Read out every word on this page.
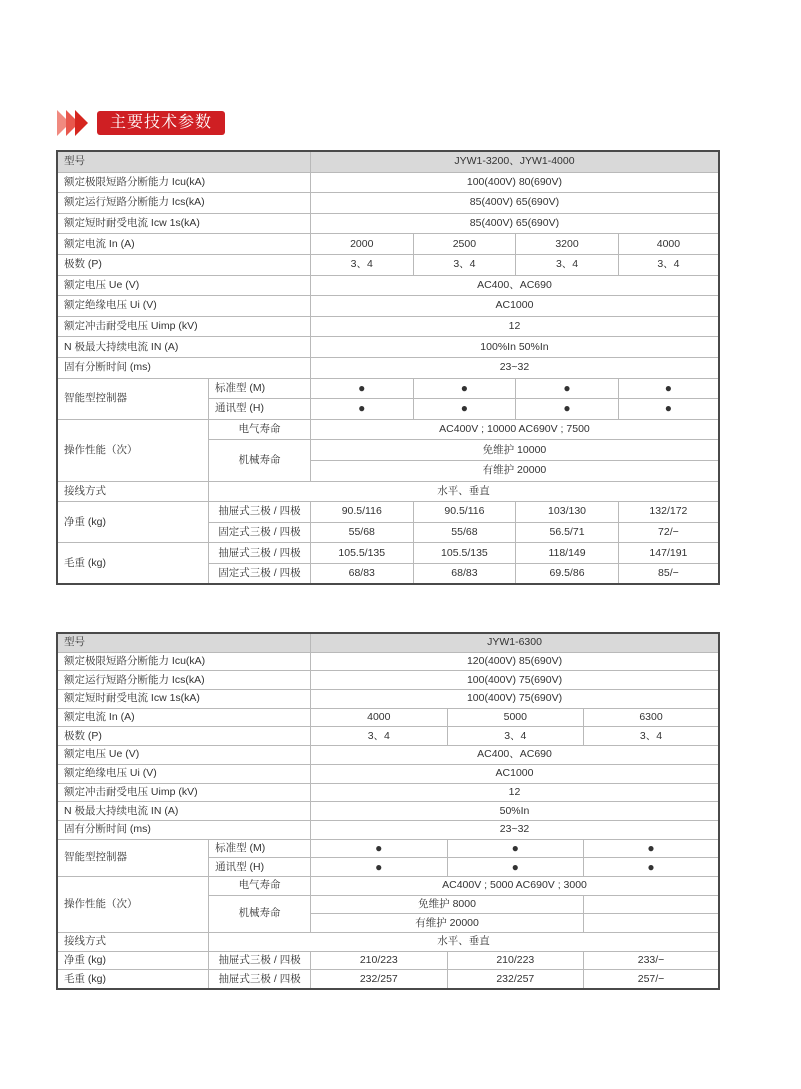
主要技术参数
型号		JYW1-3200、JYW1-4000			
额定极限短路分断能力 Icu(kA)		100(400V) 80(690V)			
额定运行短路分断能力 Ics(kA)		85(400V) 65(690V)			
额定短时耐受电流 Icw 1s(kA)		85(400V) 65(690V)			
额定电流 In (A)		2000	2500	3200	4000
极数 (P)		3、4	3、4	3、4	3、4
额定电压 Ue (V)		AC400、AC690			
额定绝缘电压 Ui (V)		AC1000			
额定冲击耐受电压 Uimp (kV)		12			
N 极最大持续电流 IN (A)		100%In 50%In			
固有分断时间 (ms)		23~32			
智能型控制器	标准型 (M)	●	●	●	●
	通讯型 (H)	●	●	●	●
操作性能（次）	电气寿命	AC400V ; 10000 AC690V ; 7500			
	机械寿命	免维护 10000			
		有维护 20000			
接线方式	水平、垂直				
净重 (kg)	抽屉式三极 / 四极	90.5/116	90.5/116	103/130	132/172
	固定式三极 / 四极	55/68	55/68	56.5/71	72/−
毛重 (kg)	抽屉式三极 / 四极	105.5/135	105.5/135	118/149	147/191
	固定式三极 / 四极	68/83	68/83	69.5/86	85/−
型号		JYW1-6300		
额定极限短路分断能力 Icu(kA)		120(400V) 85(690V)		
额定运行短路分断能力 Ics(kA)		100(400V) 75(690V)		
额定短时耐受电流 Icw 1s(kA)		100(400V) 75(690V)		
额定电流 In (A)		4000	5000	6300
极数 (P)		3、4	3、4	3、4
额定电压 Ue (V)		AC400、AC690		
额定绝缘电压 Ui (V)		AC1000		
额定冲击耐受电压 Uimp (kV)		12		
N 极最大持续电流 IN (A)		50%In		
固有分断时间 (ms)		23~32		
智能型控制器	标准型 (M)	●	●	●
	通讯型 (H)	●	●	●
操作性能（次）	电气寿命	AC400V ; 5000 AC690V ; 3000		
	机械寿命	免维护 8000		
		有维护 20000		
接线方式	水平、垂直			
净重 (kg)	抽屉式三极 / 四极	210/223	210/223	233/−
毛重 (kg)	抽屉式三极 / 四极	232/257	232/257	257/−
